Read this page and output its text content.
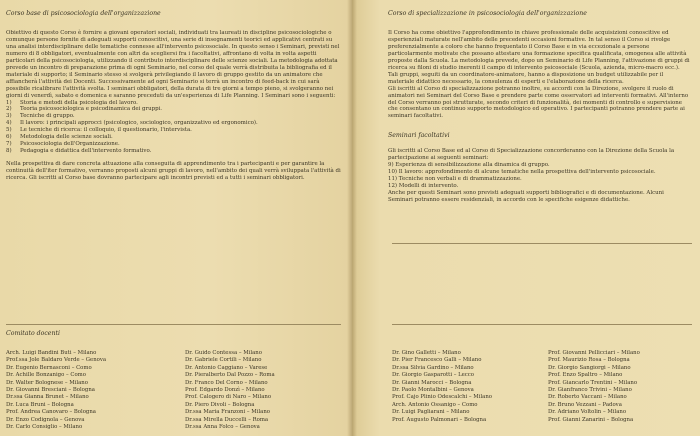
Corso base di psicosociologia dell'organizzazione

Obiettivo di questo Corso è fornire a giovani operatori sociali, individuati tra laureati in discipline psicosociologiche o comunque persone fornite di adeguati supporti conoscitivi, una serie di insegnamenti teorici ed applicativi centrati su una analisi interdisciplinare delle tematiche connesse all'intervento psicosociale. In questo senso i Seminari, previsti nel numero di 8 obbligatori, eventualmente con altri da scegliersi fra i facoltativi, affrontano di volta in volta aspetti particolari della psicosociologia, utilizzando il contributo interdisciplinare delle scienze sociali. La metodologia adottata prevede un incontro di preparazione prima di ogni Seminario, nel corso del quale verrà distribuita la bibliografia ed il materiale di supporto; il Seminario stesso si svolgerà privilegiando il lavoro di gruppo gestito da un animatore che affiancherà l'attività dei Docenti. Successivamente ad ogni Seminario si terrà un incontro di feed-back in cui sarà possibile ricalibrare l'attività svolta. I seminari obbligatori, della durata di tre giorni a tempo pieno, si svolgeranno nei giorni di venerdì, sabato e domenica e saranno preceduti da un'esperienza di Life Planning. I Seminari sono i seguenti:

1)	Storia e metodi della psicologia del lavoro.
2)	Teoria psicosociologica e psicodinamica dei gruppi.
3)	Tecniche di gruppo.
4)	Il lavoro: i principali approcci (psicologico, sociologico, organizzativo ed ergonomico).
5)	Le tecniche di ricerca: il colloquio, il questionario, l'intervista.
6)	Metodologia delle scienze sociali.
7)	Psicosociologia dell'Organizzazione.
8)	Pedagogia e didattica dell'intervento formativo.

Nella prospettiva di dare concreta attuazione alla conseguita di apprendimento tra i partecipanti e per garantire la continuità dell'iter formativo, verranno proposti alcuni gruppi di lavoro, nell'ambito dei quali verrà sviluppata l'attività di ricerca. Gli iscritti al Corso base dovranno partecipare agli incontri previsti ed a tutti i seminari obbligatori.

Corso di specializzazione in psicosociologia dell'organizzazione

Il Corso ha come obiettivo l'approfondimento in chiave professionale delle acquisizioni conoscitive ed esperienziali maturate nell'ambito delle precedenti occasioni formative. In tal senso il Corso si rivolge preferenzialmente a coloro che hanno frequentato il Corso Base e in via eccezionale a persone particolarmente motivate che possano attestare una formazione specifica qualificata, omogenea alle attività proposte dalla Scuola. La metodologia prevede, dopo un Seminario di Life Planning, l'attivazione di gruppi di ricerca su filoni di studio inerenti il campo di intervento psicosociale (Scuola, azienda, micro-macro ecc.). Tali gruppi, seguiti da un coordinatore-animatore, hanno a disposizione un budget utilizzabile per il materiale didattico necessario, la consulenza di esperti e l'elaborazione della ricerca.

Gli iscritti al Corso di specializzazione potranno inoltre, su accordi con la Direzione, svolgere il ruolo di animatori nei Seminari del Corso Base e prendere parte come osservatori ad interventi formativi. All'interno del Corso verranno poi strutturate, secondo criteri di funzionalità, dei momenti di controllo e supervisione che consentano un continuo supporto metodologico ed operativo. I partecipanti potranno prendere parte ai seminari facoltativi.

Seminari facoltativi

Gli iscritti al Corso Base ed al Corso di Specializzazione concorderanno con la Direzione della Scuola la partecipazione ai seguenti seminari:

9) Esperienza di sensibilizzazione alla dinamica di gruppo.
10) Il lavoro: approfondimento di alcune tematiche nella prospettiva dell'intervento psicosociale.
11) Tecniche non verbali e di drammatizzazione.
12) Modelli di intervento.

Anche per questi Seminari sono previsti adeguati supporti bibliografici e di documentazione. Alcuni Seminari potranno essere residenziali, in accordo con le specifiche esigenze didattiche.

Comitato docenti

Arch. Luigi Bandini Buti – Milano
Prof.ssa Jole Baldaro Verde – Genova
Dr. Eugenio Bernasconi – Como
Dr. Achille Bonzanigo – Como
Dr. Walter Bolognese – Milano
Dr. Giovanni Bresciani – Bologna
Dr.ssa Gianna Brunet – Milano
Dr. Luca Bruni – Bologna
Prof. Andrea Canovaro – Bologna
Dr. Enzo Codignola – Genova
Dr. Carlo Consiglio – Milano
Dr. Guido Contessa – Milano
Dr. Gabriele Cortili – Milano
Dr. Antonio Caggiano – Varese
Dr. Pieralberto Dal Pozzo – Roma
Dr. Franco Del Corno – Milano
Prof. Edgardo Donzì – Milano
Prof. Calogero di Naro – Milano
Dr. Piero Divoli – Bologna
Dr.ssa Maria Franzoni – Milano
Dr.ssa Mirella Duccelli – Roma
Dr.ssa Anna Folco – Genova
Dr. Gino Galletti – Milano
Dr. Pier Francesco Galli – Milano
Dr.ssa Silvia Gardino – Milano
Dr. Giorgio Gasparotti – Lecco
Dr. Gianni Marocci – Bologna
Dr. Paolo Montalbini – Genova
Prof. Cajo Plinio Odescalchi – Milano
Arch. Antonio Ossanigo – Como
Dr. Luigi Pagliarani – Milano
Prof. Augusto Palmonari – Bologna
Prof. Giovanni Pellicciari – Milano
Prof. Maurizio Rosa – Bologna
Dr. Giorgio Sangiorgi – Milano
Prof. Enzo Spaltro – Milano
Prof. Giancarlo Trentini – Milano
Dr. Gianfranco Trivini – Milano
Dr. Roberto Vaccani – Milano
Dr. Bruno Vezzani – Padova
Dr. Adriano Voltolin – Milano
Prof. Gianni Zanarini – Bologna
